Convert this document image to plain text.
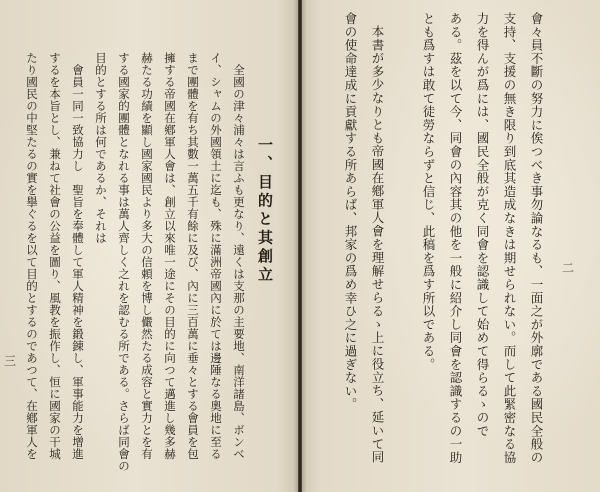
二
會々員不斷の努力に俟つべき事勿論なるも、一面之が外廓である國民全般の
支持、支援の無き限り到底其造成なきは期せられない。而して此緊密なる協
力を得んが爲には、國民全般が克く同會を認識して始めて得らるゝので
ある。茲を以て今、同會の內容其の他を一般に紹介し同會を認識するの一助
とも爲すは敢て徒勞ならずと信じ、此稿を爲す所以である。
本書が多少なりとも帝國在鄕軍人會を理解せらるゝ上に役立ち、延いて同
會の使命達成に貢獻する所あらば、邦家の爲め幸ひ之に過ぎない。
三
一、目的と其創立
全國の津々浦々は言ふも更なり、遠くは支那の主要地、南洋諸島、ボンベ
イ、シャムの外國領土に迄も、殊に滿洲帝國內に於ては邊陲なる奧地に至る
まで團體を有ち其數一萬五千有餘に及び、內に三百萬に垂々とする會員を包
擁する帝國在鄕軍人會は、創立以來唯一途にその目的に向つて邁進し幾多赫
赫たる功績を顯し國家國民より多大の信頼を博し儼然たる成容と實力とを有
する國家的團體となれる事は萬人齊しく之れを認むる所である。さらば同會の
目的とする所は何であるか、それは
會員一同一致協力し　聖旨を奉體して軍人精神を鍛錬し、軍事能力を增進
するを本旨とし、兼ねて社會の公益を圖り、風教を振作し、恒に國家の干城
たり國民の中堅たるの實を擧ぐるを以て目的とするのであつて、在鄕軍人を
